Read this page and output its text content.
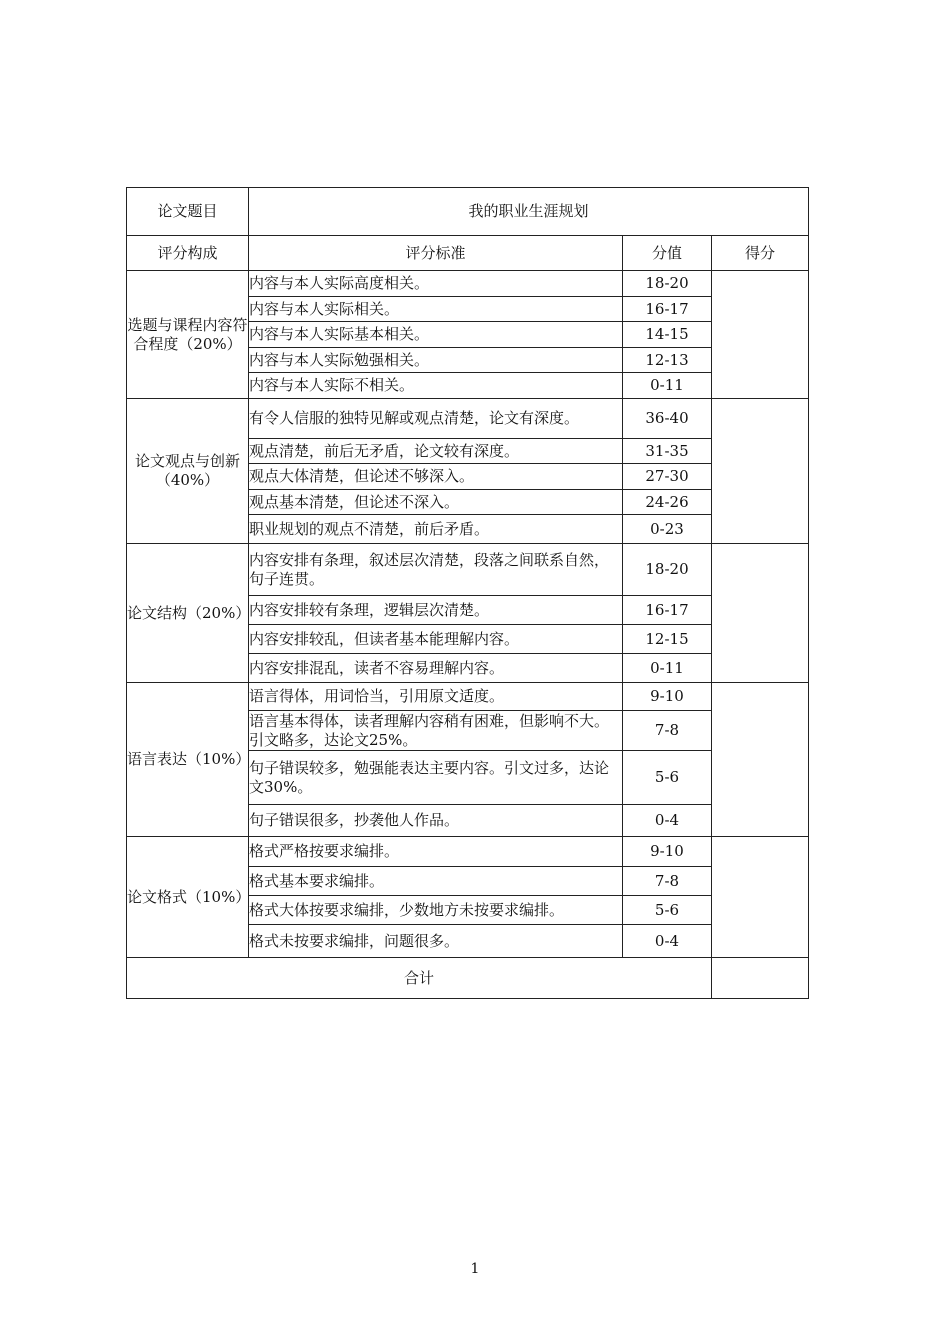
论文题目	我的职业生涯规划		
评分构成	评分标准	分值	得分
选题与课程内容符合程度（20%）	内容与本人实际高度相关。	18-20	
	内容与本人实际相关。	16-17	
	内容与本人实际基本相关。	14-15	
	内容与本人实际勉强相关。	12-13	
	内容与本人实际不相关。	0-11	
论文观点与创新（40%）	有令人信服的独特见解或观点清楚，论文有深度。	36-40	
	观点清楚，前后无矛盾，论文较有深度。	31-35	
	观点大体清楚，但论述不够深入。	27-30	
	观点基本清楚，但论述不深入。	24-26	
	职业规划的观点不清楚，前后矛盾。	0-23	
论文结构（20%）	内容安排有条理，叙述层次清楚，段落之间联系自然，句子连贯。	18-20	
	内容安排较有条理，逻辑层次清楚。	16-17	
	内容安排较乱，但读者基本能理解内容。	12-15	
	内容安排混乱，读者不容易理解内容。	0-11	
语言表达（10%）	语言得体，用词恰当，引用原文适度。	9-10	
	语言基本得体，读者理解内容稍有困难，但影响不大。引文略多，达论文25%。	7-8	
	句子错误较多，勉强能表达主要内容。引文过多，达论文30%。	5-6	
	句子错误很多，抄袭他人作品。	0-4	
论文格式（10%）	格式严格按要求编排。	9-10	
	格式基本要求编排。	7-8	
	格式大体按要求编排，少数地方未按要求编排。	5-6	
	格式未按要求编排，问题很多。	0-4	
合计			
1
